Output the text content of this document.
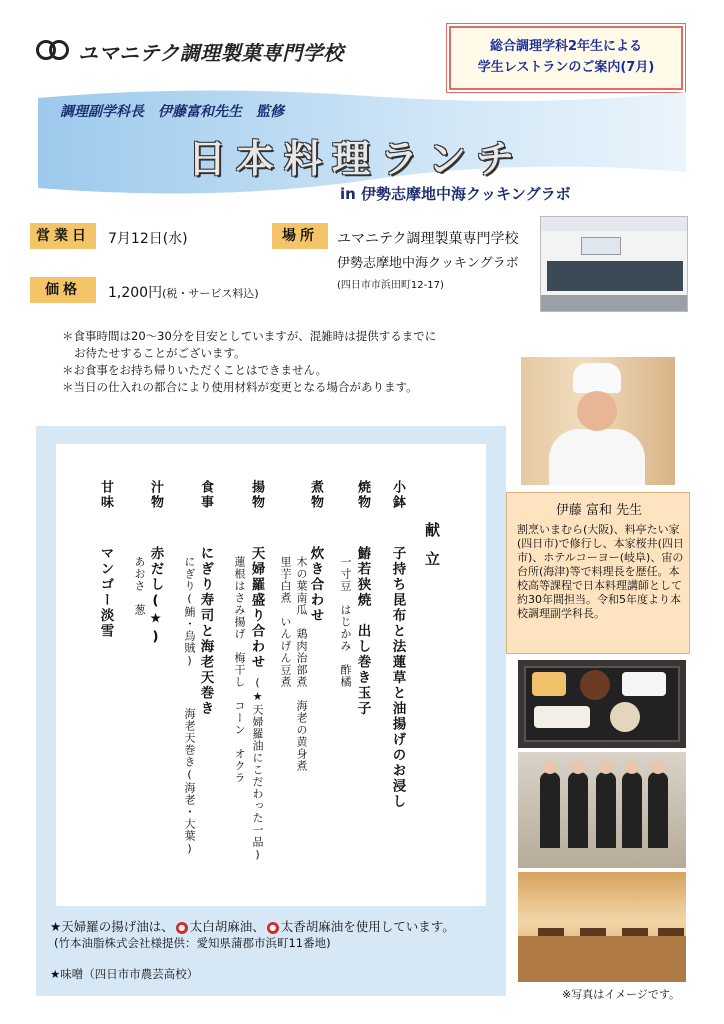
ユマニテク調理製菓専門学校	総合調理学科2年生による
学生レストランのご案内(7月)
調理副学科長　伊藤富和先生　監修
日本料理ランチ
in 伊勢志摩地中海クッキングラボ
営業日	7月12日(水)
価格	1,200円(税・サービス料込)
場所	ユマニテク調理製菓専門学校
伊勢志摩地中海クッキングラボ
(四日市市浜田町12-17)
＊食事時間は20～30分を目安としていますが、混雑時は提供するまでに
お待たせすることがございます。
＊お食事をお持ち帰りいただくことはできません。
＊当日の仕入れの都合により使用材料が変更となる場合があります。
伊藤 富和 先生
割烹いまむら(大阪)、料亭たい家(四日市)で修行し、本家桜井(四日市)、ホテルコーヨー(岐阜)、宙の台所(海津)等で料理長を歴任。本校高等課程で日本料理講師として約30年間担当。令和5年度より本校調理副学科長。
献立
小鉢
子持ち昆布と法蓮草と油揚げのお浸し
焼物
鰆若狭焼　出し巻き玉子
一寸豆　はじかみ　酢橘
煮物
炊き合わせ
木の葉南瓜　鶏肉治部煮　海老の黄身煮
里芋白煮　いんげん豆煮
揚物
天婦羅盛り合わせ
(★天婦羅油にこだわった一品)
蓮根はさみ揚げ　梅干し　コーン　オクラ
食事
にぎり寿司と海老天巻き
にぎり(鮪・烏賊)
海老天巻き(海老・大葉)
汁物
赤だし(★)
あおさ　葱
甘味
マンゴー淡雪
★天婦羅の揚げ油は、 ● 太白胡麻油、 ● 太香胡麻油を使用しています。
(竹本油脂株式会社様提供：愛知県蒲郡市浜町11番地)
★味噌（四日市市農芸高校）
※写真はイメージです。
